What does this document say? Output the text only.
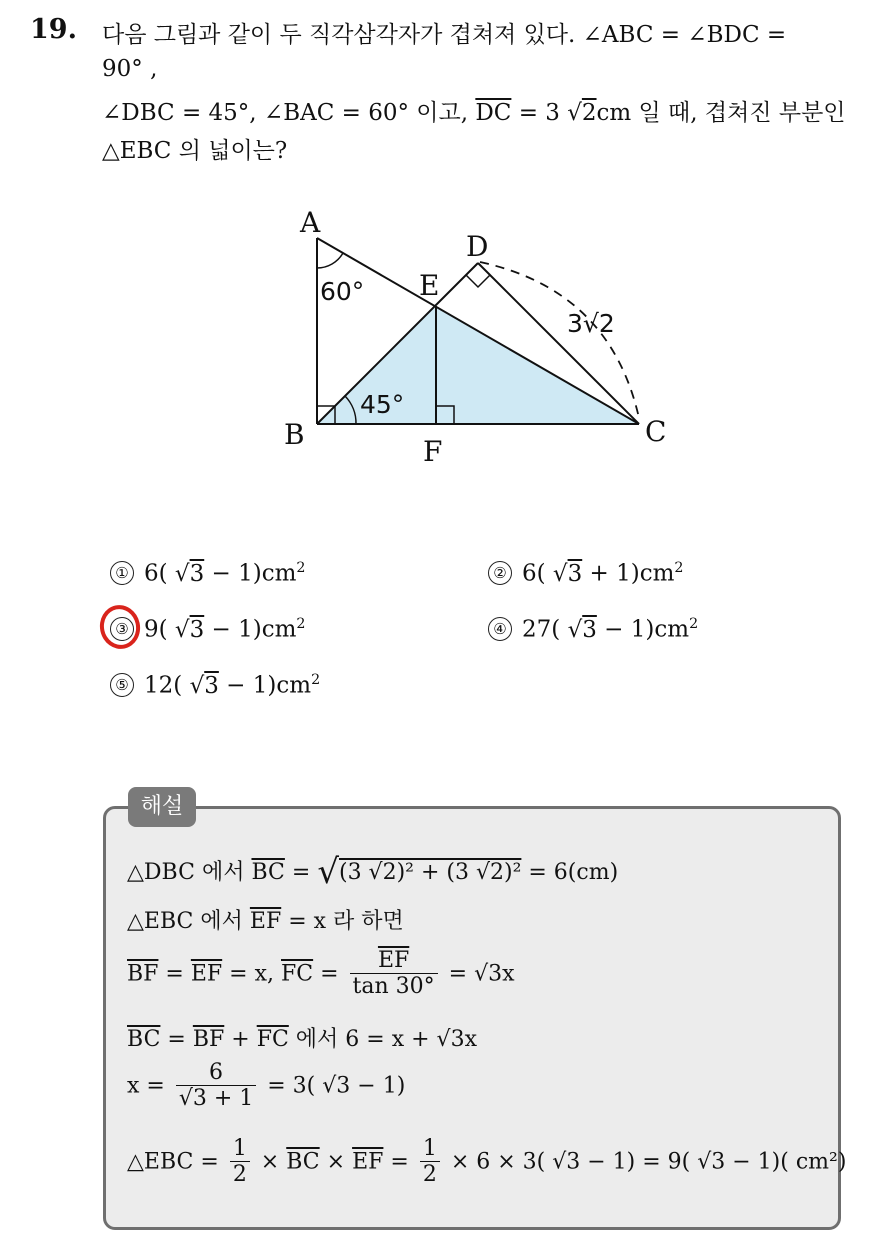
19. 다음 그림과 같이 두 직각삼각자가 겹쳐져 있다. ∠ABC = ∠BDC =
90° ,
∠DBC = 45°, ∠BAC = 60° 이고, $\overline{DC} = 3$ √2cm 일 때, 겹쳐진 부분인
△EBC 의 넓이는?
A
B	C
D
E
F
60°
45°
3√2
① 6( $√3 - 1)cm^2$	② 6( $√3 + 1)cm^2$
③ 9( $√3 - 1)cm^2$	④ 27( $√3 - 1)cm^2$
⑤ 12( $√3 - 1)cm^2$
해설
△DBC 에서 $\overline{BC} = √(3$ √2)² + (3 √2)² = 6(cm)
△EBC 에서 $\overline{EF} = x$ 라 하면
$\overline{BF} = \overline{EF} = x$, $\overline{FC} = \frac{\overline{EF}}{\tan 30^\circ} = √3x$
$\overline{BC} = \overline{BF} + \overline{FC}$ 에서 6 = x + √3x
$x = \frac{6}{√3 + 1} = 3$( √3 − 1)
△EBC = $\frac{1}{2} \times \overline{BC} \times \overline{EF} = \frac{1}{2} \times 6 \times 3$( √3 − 1) = 9( √3 − 1)( cm²)
